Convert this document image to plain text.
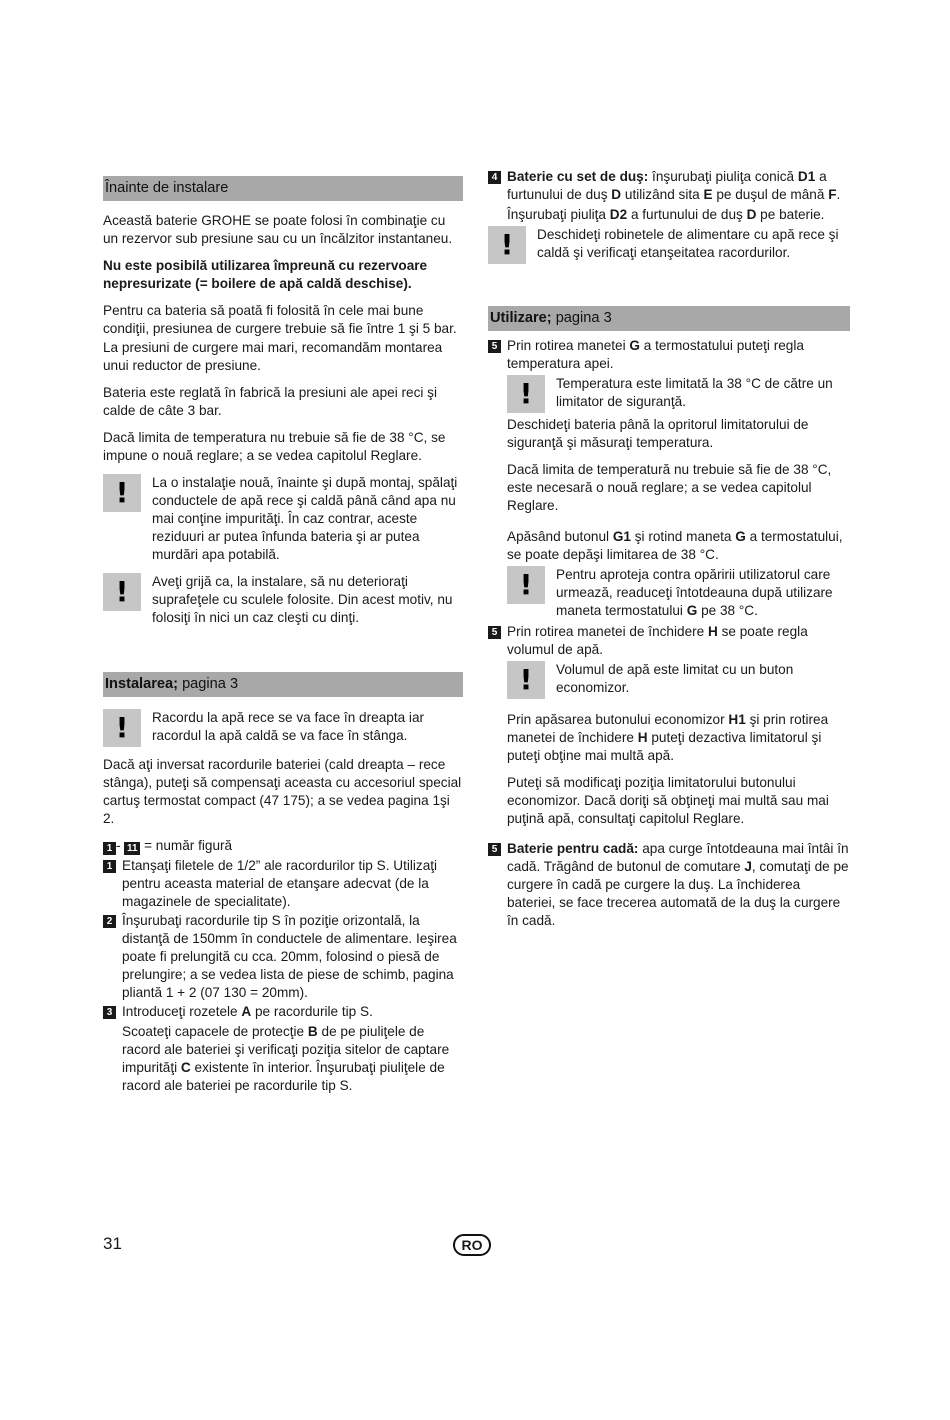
Înainte de instalare

Această baterie GROHE se poate folosi în combinaţie cu un rezervor sub presiune sau cu un încălzitor instantaneu.

Nu este posibilă utilizarea împreună cu rezervoare nepresurizate (= boilere de apă caldă deschise).

Pentru ca bateria să poată fi folosită în cele mai bune condiţii, presiunea de curgere trebuie să fie între 1 şi 5 bar.

La presiuni de curgere mai mari, recomandăm montarea unui reductor de presiune.

Bateria este reglată în fabrică la presiuni ale apei reci şi calde de câte 3 bar.

Dacă limita de temperatura nu trebuie să fie de 38 °C, se impune o nouă reglare; a se vedea capitolul Reglare.

!	La o instalaţie nouă, înainte şi după montaj, spălaţi conductele de apă rece şi caldă până când apa nu mai conţine impurităţi. În caz contrar, aceste reziduuri ar putea înfunda bateria şi ar putea murdări apa potabilă.
!	Aveţi grijă ca, la instalare, să nu deterioraţi suprafeţele cu sculele folosite. Din acest motiv, nu folosiţi în nici un caz cleşti cu dinţi.
Instalarea; pagina 3
!	Racordu la apă rece se va face în dreapta iar racordul la apă caldă se va face în stânga.

Dacă aţi inversat racordurile bateriei (cald dreapta – rece stânga), puteţi să compensaţi aceasta cu accesoriul special cartuş termostat compact (47 175); a se vedea pagina 1şi 2.

1 - 11 = număr figură
1 Etanşaţi filetele de 1/2” ale racordurilor tip S. Utilizaţi pentru aceasta material de etanşare adecvat (de la magazinele de specialitate).
2 Înşurubaţi racordurile tip S în poziţie orizontală, la distanţă de 150mm în conductele de alimentare. Ieşirea poate fi prelungită cu cca. 20mm, folosind o piesă de prelungire; a se vedea lista de piese de schimb, pagina pliantă 1 + 2 (07 130 = 20mm).
3 Introduceţi rozetele A pe racordurile tip S.
Scoateţi capacele de protecţie B de pe piuliţele de racord ale bateriei şi verificaţi poziţia sitelor de captare impurităţi C existente în interior. Înşurubaţi piuliţele de racord ale bateriei pe racordurile tip S.
4 Baterie cu set de duş: înşurubaţi piuliţa conică D1 a furtunului de duş D utilizând sita E pe duşul de mână F.
Înşurubaţi piuliţa D2 a furtunului de duş D pe baterie.
!	Deschideţi robinetele de alimentare cu apă rece şi caldă şi verificaţi etanşeitatea racordurilor.
Utilizare; pagina 3
5 Prin rotirea manetei G a termostatului puteţi regla temperatura apei.
!	Temperatura este limitată la 38 °C de către un limitator de siguranţă.

Deschideţi bateria până la opritorul limitatorului de siguranţă şi măsuraţi temperatura.

Dacă limita de temperatură nu trebuie să fie de 38 °C, este necesară o nouă reglare; a se vedea capitolul Reglare.

Apăsând butonul G1 şi rotind maneta G a termostatului, se poate depăşi limitarea de 38 °C.

!	Pentru aproteja contra opăririi utilizatorul care urmează, readuceţi întotdeauna după utilizare maneta termostatului G pe 38 °C.
5 Prin rotirea manetei de închidere H se poate regla volumul de apă.
!	Volumul de apă este limitat cu un buton economizor.

Prin apăsarea butonului economizor H1 şi prin rotirea manetei de închidere H puteţi dezactiva limitatorul şi puteţi obţine mai multă apă.

Puteţi să modificaţi poziţia limitatorului butonului economizor. Dacă doriţi să obţineţi mai multă sau mai puţină apă, consultaţi capitolul Reglare.

5 Baterie pentru cadă: apa curge întotdeauna mai întâi în cadă. Trăgând de butonul de comutare J, comutaţi de pe curgere în cadă pe curgere la duş. La închiderea bateriei, se face trecerea automată de la duş la curgere în cadă.
31	RO
